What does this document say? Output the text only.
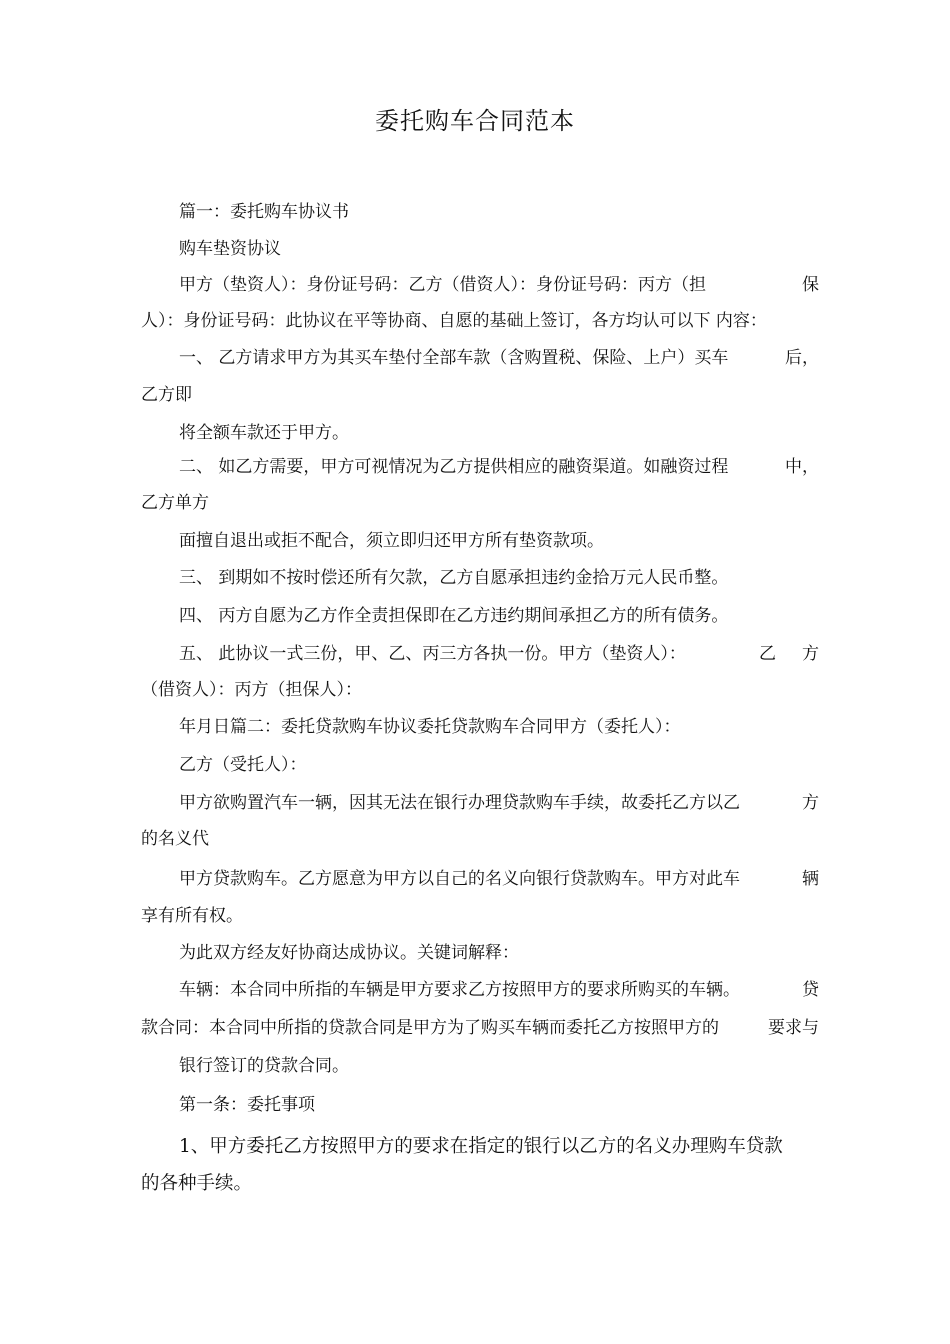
委托购车合同范本
篇一：委托购车协议书
购车垫资协议
甲方（垫资人）：身份证号码：乙方（借资人）：身份证号码：丙方（担	保
人）：身份证号码：此协议在平等协商、自愿的基础上签订，各方均认可以下 内容：
一、 乙方请求甲方为其买车垫付全部车款（含购置税、保险、上户）买车	后，
乙方即
将全额车款还于甲方。
二、 如乙方需要，甲方可视情况为乙方提供相应的融资渠道。如融资过程	中，
乙方单方
面擅自退出或拒不配合，须立即归还甲方所有垫资款项。
三、 到期如不按时偿还所有欠款，乙方自愿承担违约金拾万元人民币整。
四、 丙方自愿为乙方作全责担保即在乙方违约期间承担乙方的所有债务。
五、 此协议一式三份，甲、乙、丙三方各执一份。甲方（垫资人）：	乙 方
（借资人）：丙方（担保人）：
年月日篇二：委托贷款购车协议委托贷款购车合同甲方（委托人）：
乙方（受托人）：
甲方欲购置汽车一辆，因其无法在银行办理贷款购车手续，故委托乙方以乙	方
的名义代
甲方贷款购车。乙方愿意为甲方以自己的名义向银行贷款购车。甲方对此车	辆
享有所有权。
为此双方经友好协商达成协议。关键词解释：
车辆：本合同中所指的车辆是甲方要求乙方按照甲方的要求所购买的车辆。	贷
款合同：本合同中所指的贷款合同是甲方为了购买车辆而委托乙方按照甲方的	要求与
银行签订的贷款合同。
第一条：委托事项
1、甲方委托乙方按照甲方的要求在指定的银行以乙方的名义办理购车贷款
的各种手续。
